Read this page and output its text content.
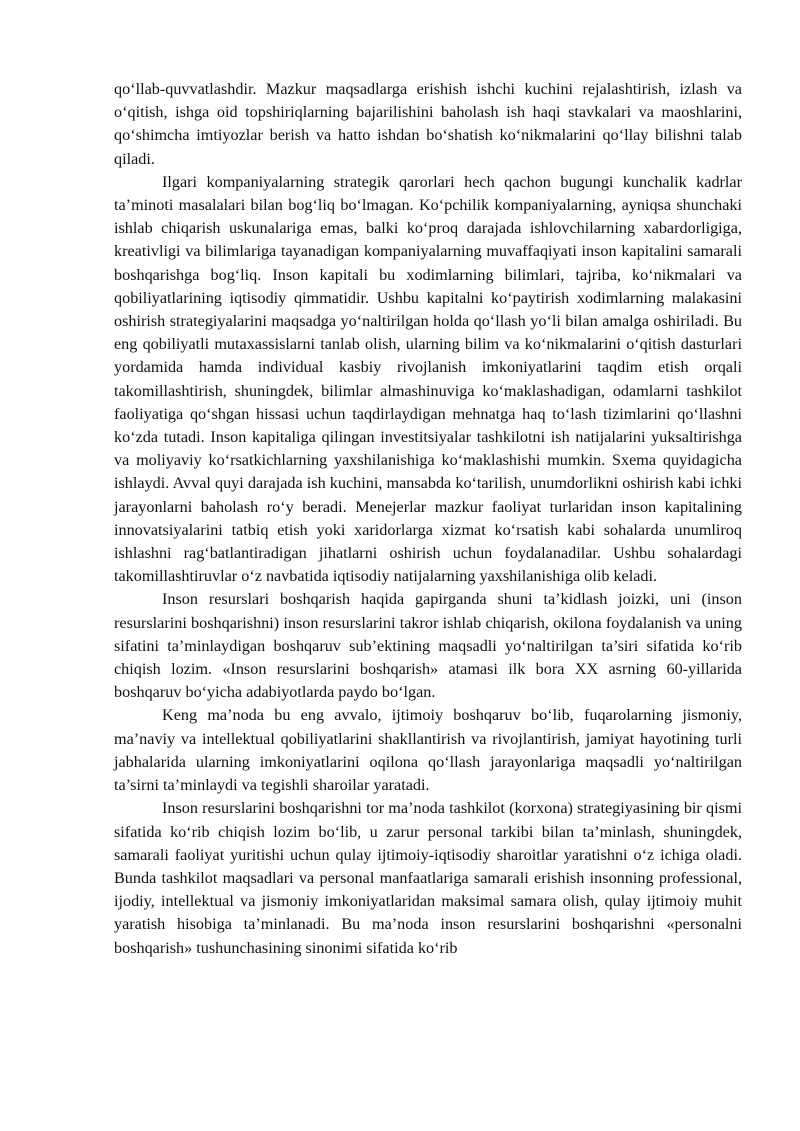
qo‘llab-quvvatlashdir. Mazkur maqsadlarga erishish ishchi kuchini rejalashtirish, izlash va o‘qitish, ishga oid topshiriqlarning bajarilishini baholash ish haqi stavkalari va maoshlarini, qo‘shimcha imtiyozlar berish va hatto ishdan bo‘shatish ko‘nikmalarini qo‘llay bilishni talab qiladi.

Ilgari kompaniyalarning strategik qarorlari hech qachon bugungi kunchalik kadrlar ta’minoti masalalari bilan bog‘liq bo‘lmagan. Ko‘pchilik kompaniyalarning, ayniqsa shunchaki ishlab chiqarish uskunalariga emas, balki ko‘proq darajada ishlovchilarning xabardorligiga, kreativligi va bilimlariga tayanadigan kompaniyalarning muvaffaqiyati inson kapitalini samarali boshqarishga bog‘liq. Inson kapitali bu xodimlarning bilimlari, tajriba, ko‘nikmalari va qobiliyatlarining iqtisodiy qimmatidir. Ushbu kapitalni ko‘paytirish xodimlarning malakasini oshirish strategiyalarini maqsadga yo‘naltirilgan holda qo‘llash yo‘li bilan amalga oshiriladi. Bu eng qobiliyatli mutaxassislarni tanlab olish, ularning bilim va ko‘nikmalarini o‘qitish dasturlari yordamida hamda individual kasbiy rivojlanish imkoniyatlarini taqdim etish orqali takomillashtirish, shuningdek, bilimlar almashinuviga ko‘maklashadigan, odamlarni tashkilot faoliyatiga qo‘shgan hissasi uchun taqdirlaydigan mehnatga haq to‘lash tizimlarini qo‘llashni ko‘zda tutadi. Inson kapitaliga qilingan investitsiyalar tashkilotni ish natijalarini yuksaltirishga va moliyaviy ko‘rsatkichlarning yaxshilanishiga ko‘maklashishi mumkin. Sxema quyidagicha ishlaydi. Avval quyi darajada ish kuchini, mansabda ko‘tarilish, unumdorlikni oshirish kabi ichki jarayonlarni baholash ro‘y beradi. Menejerlar mazkur faoliyat turlaridan inson kapitalining innovatsiyalarini tatbiq etish yoki xaridorlarga xizmat ko‘rsatish kabi sohalarda unumliroq ishlashni rag‘batlantiradigan jihatlarni oshirish uchun foydalanadilar. Ushbu sohalardagi takomillashtiruvlar o‘z navbatida iqtisodiy natijalarning yaxshilanishiga olib keladi.

Inson resurslari boshqarish haqida gapirganda shuni ta’kidlash joizki, uni (inson resurslarini boshqarishni) inson resurslarini takror ishlab chiqarish, okilona foydalanish va uning sifatini ta’minlaydigan boshqaruv sub’ektining maqsadli yo‘naltirilgan ta’siri sifatida ko‘rib chiqish lozim. «Inson resurslarini boshqarish» atamasi ilk bora XX asrning 60-yillarida boshqaruv bo‘yicha adabiyotlarda paydo bo‘lgan.

Keng ma’noda bu eng avvalo, ijtimoiy boshqaruv bo‘lib, fuqarolarning jismoniy, ma’naviy va intellektual qobiliyatlarini shakllantirish va rivojlantirish, jamiyat hayotining turli jabhalarida ularning imkoniyatlarini oqilona qo‘llash jarayonlariga maqsadli yo‘naltirilgan ta’sirni ta’minlaydi va tegishli sharoilar yaratadi.

Inson resurslarini boshqarishni tor ma’noda tashkilot (korxona) strategiyasining bir qismi sifatida ko‘rib chiqish lozim bo‘lib, u zarur personal tarkibi bilan ta’minlash, shuningdek, samarali faoliyat yuritishi uchun qulay ijtimoiy-iqtisodiy sharoitlar yaratishni o‘z ichiga oladi. Bunda tashkilot maqsadlari va personal manfaatlariga samarali erishish insonning professional, ijodiy, intellektual va jismoniy imkoniyatlaridan maksimal samara olish, qulay ijtimoiy muhit yaratish hisobiga ta’minlanadi. Bu ma’noda inson resurslarini boshqarishni «personalni boshqarish» tushunchasining sinonimi sifatida ko‘rib
